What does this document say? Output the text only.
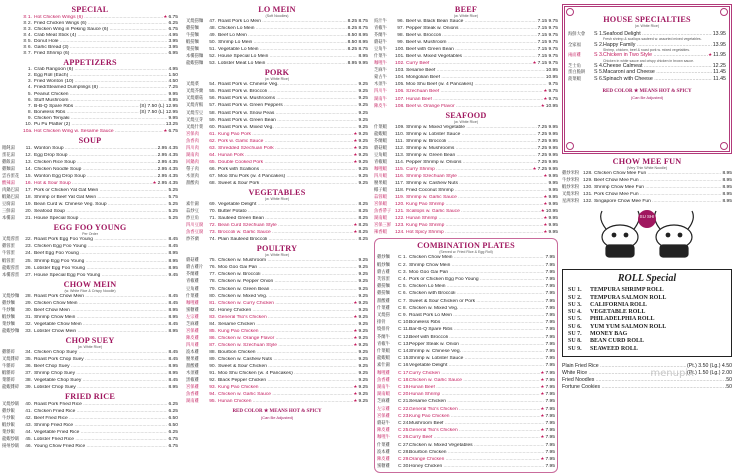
SPECIAL
S 1. Hot Chicken Wings (6) .....	★ 6.75
S 2. Fried Chicken Wings (6) .....	6.25
S 3. Chicken Wing in Peking Sauce (6) .....	6.75
S 4. Crab Meat Stick (4) .....	4.95
S 5. Donut Hole .....	3.95
S 6. Garlic Bread (3) .....	3.95
S 7. Fried Shrimp (6) .....	6.95
APPETIZERS
1. Crab Rangoon (6) .....	4.95
2. Egg Roll (Each) .....	1.50
3. Fried Wonton (10) .....	4.50
4. Fried/Steamed Dumplings (8) .....	7.25
5. Peanut Chicken .....	9.95
6. Stuff Mushroom .....	8.95
7. B-B-Q Spare Ribs .....	(S) 7.50 (L) 12.95
8. Boneless Ribs .....	(S) 7.50 (L) 12.95
9. Chicken Teriyaki .....	9.95
10. Pu Pu Platter (2) .....	13.25
10a. Hot Chicken Wing w. Sesame Sauce .....	★ 6.75
SOUP
餛飩湯	11. Wonton Soup .....	2.95 4.35
蛋花湯	12. Egg Drop Soup .....	2.95 4.35
雞飯湯	13. Chicken Rice Soup .....	2.95 4.35
雞麵湯	14. Chicken Noodle Soup .....	2.95 4.35
雲吞蛋花	15. Wonton Egg Drop Soup .....	2.95 4.35
酸辣湯	16. Hot & Sour Soup .....	★ 2.95 4.35
肉鍋巴湯	17. Pork or Chicken Yat Gat Mein .....	5.25
蝦鍋巴湯	18. Shrimp or Beef Yat Gat Mein .....	5.75
豆腐湯	19. Bean Curd w. Chinese Veg. Soup .....	5.25
三鮮湯	20. Seafood Soup .....	5.25
本樓湯	21. House Special Soup .....	5.25
EGG FOO YOUNG
Per Order
叉燒蓉蛋	22. Roast Pork Egg Foo Young .....	8.45
雞蓉蛋	23. Chicken Egg Foo Young .....	8.45
牛蓉蛋	24. Beef Egg Foo Young .....	8.95
蝦蓉蛋	25. Shrimp Egg Foo Young .....	8.95
龍蝦蓉蛋	26. Lobster Egg Foo Young .....	8.95
本樓蓉蛋	27. House Special Egg Foo Young .....	9.45
CHOW MEIN
(w. White Rice & Crispy Noodle)
叉燒炒麵	28. Roast Pork Chow Mein .....	8.45
雞炒麵	29. Chicken Chow Mein .....	8.45
牛炒麵	30. Beef Chow Mein .....	8.95
蝦炒麵	31. Shrimp Chow Mein .....	8.95
菜炒麵	32. Vegetable Chow Mein .....	8.45
龍蝦炒麵	33. Lobster Chow Mein .....	8.95
CHOP SUEY
(w. White Rice)
雞雜碎	34. Chicken Chop Suey .....	8.45
叉燒雜碎	35. Roast Pork Chop Suey .....	8.45
牛雜碎	36. Beef Chop Suey .....	8.95
蝦雜碎	37. Shrimp Chop Suey .....	8.95
菜雜碎	38. Vegetable Chop Suey .....	8.45
龍蝦雜碎	39. Lobster Chop Suey .....	8.95
FRIED RICE
叉燒炒飯	40. Roast Pork Fried Rice .....	6.25
雞炒飯	41. Chicken Fried Rice .....	6.25
牛炒飯	42. Beef Fried Rice .....	6.50
蝦炒飯	43. Shrimp Fried Rice .....	6.50
菜炒飯	44. Vegetable Fried Rice .....	6.25
龍蝦炒飯	45. Lobster Fried Rice .....	6.75
揚州炒飯	46. Young Chow Fried Rice .....	6.75
LO MEIN
(Soft Noodles)
叉燒撈麵	47. Roast Pork Lo Mein .....	8.25 8.75
雞撈麵	48. Chicken Lo Mein .....	8.25 8.75
牛撈麵	49. Beef Lo Mein .....	8.50 8.95
蝦撈麵	50. Shrimp Lo Mein .....	8.50 8.95
菜撈麵	51. Vegetable Lo Mein .....	8.25 8.75
本樓撈麵	52. House Special Lo Mein .....	8.95
龍蝦撈麵	53. Lobster Meat Lo Mein .....	8.95 9.95
PORK
(w. White Rice)
叉燒菜	54. Roast Pork w. Chinese Veg. .....	9.25
叉燒芥蘭	55. Roast Pork w. Broccoli .....	9.25
叉燒蘑菇	56. Roast Pork w. Mushrooms .....	9.25
叉燒青椒	57. Roast Pork w. Green Peppers .....	9.25
叉燒雪豆	58. Roast Pork w. Snow Peas .....	9.25
叉燒豆芽	59. Roast Pork w. Green Bean .....	9.25
叉燒什菜	60. Roast Pork w. Mixed Veg. .....	9.25
宮保肉	61. Kung Pao Pork .....	★ 9.25
魚香肉	62. Pork w. Garlic Sauce .....	★ 9.25
四川肉	63. Shredded Szechuan Pork .....	★ 9.25
湖南肉	64. Hunan Pork .....	★ 9.25
回鍋肉	65. Double Cooked Pork .....	★ 9.25
帶子肉	66. Pork with Scallions .....	9.25
木須肉	67. Moo Shu Pork (w. 4 Pancakes) .....	9.25
甜酸肉	68. Sweet & Sour Pork .....	9.25
VEGETABLES
(w. White Rice)
素什錦	69. Vegetable Delight .....	8.25
蒜炒豆	70. Butter Potato .....	8.25
炒豆角	71. Sauteed Green Bean .....	8.25
四川豆腐	72. Bean Curd Szechuan Style .....	★ 8.25
魚香豆腐	73. Broccoli w. Garlic Sauce .....	★ 8.25
炒芥蘭	74. Plain Sauteed Broccoli .....	8.25
POULTRY
(w. White Rice)
蘑菇雞	75. Chicken w. Mushroom .....	9.25
蘑古雞片	76. Moo Goo Gai Pan .....	9.25
芥蘭雞	77. Chicken w. Broccoli .....	9.25
青椒雞	78. Chicken w. Pepper Onion .....	9.25
豆角雞	79. Chicken w. Green Bean .....	9.25
什菜雞	80. Chicken w. Mixed Veg. .....	9.25
咖哩雞	81. Chicken w. Curry Chicken .....	★ 9.25
蜜糖雞	82. Honey Chicken .....	9.25
左宗雞	83. General Tso's Chicken .....	★ 9.25
芝麻雞	84. Sesame Chicken .....	9.25
宮保雞	85. Kung Pao Chicken .....	★ 9.25
陳皮雞	86. Chicken w. Orange Flavor .....	★ 9.25
四川雞	87. Chicken w. Szechuan Style .....	★ 9.25
波本雞	88. Bourbon Chicken .....	9.25
腰果雞	89. Chicken w. Cashew Nuts .....	9.25
甜酸雞	90. Sweet & Sour Chicken .....	9.25
木須雞	91. Moo Shu Chicken (w. 4 Pancakes) .....	9.25
黑椒雞	92. Black Pepper Chicken .....	9.25
宮保雞	93. Kung Pao Chicken .....	★ 9.25
魚香雞	94. Chicken w. Garlic Sauce .....	★ 9.25
湖南雞	95. Hunan Chicken .....	★ 9.25
RED COLOR ★ MEANS HOT & SPICY
(Can Be Adjusted)
BEEF
(w. White Rice)
豉汁牛	96. Beef w. Black Bean Sauce .....	7.15 9.75
青椒牛	97. Pepper Steak w. Onions .....	7.15 9.75
芥蘭牛	98. Beef w. Broccoli .....	7.15 9.75
蘑菇牛	99. Beef w. Mushroom .....	7.15 9.75
豆角牛	100. Beef with Green Bean .....	7.15 9.75
什菜牛	101. Beef w. Mixed Vegetables .....	7.15 9.75
咖哩牛	102. Curry Beef .....	★ 7.15 9.75
芝麻牛	103. Sesame Beef .....	10.95
蒙古牛	104. Mongolian Beef .....	10.95
木須牛	105. Moo Shu Beef (w. 4 Pancakes) .....	9.75
四川牛	106. Szechuan Beef .....	★ 9.75
湖南牛	107. Hunan Beef .....	★ 9.75
陳皮牛	108. Beef w. Orange Flavor .....	★ 10.95
SEAFOOD
(w. White Rice)
什菜蝦	109. Shrimp w. Mixed Vegetable .....	7.25 9.95
龍蝦蝦	110. Shrimp w. Lobster Sauce .....	7.25 9.95
芥蘭蝦	111. Shrimp w. Broccoli .....	7.25 9.95
蘑菇蝦	112. Shrimp w. Mushrooms .....	7.25 9.95
豆角蝦	113. Shrimp w. Green Bean .....	7.25 9.95
青椒蝦	114. Pepper Shrimp w. Onions .....	7.25 9.95
咖哩蝦	115. Curry Shrimp .....	★ 7.25 9.95
四川蝦	116. Shrimp Szechuan Style .....	★ 9.95
腰果蝦	117. Shrimp w. Cashew Nuts .....	9.95
椰子蝦	118. Fried Coconut Shrimp .....	9.95
蒜蓉蝦	119. Shrimp w. Garlic Sauce .....	★ 9.95
宮保蝦	120. Kung Pao Shrimp .....	★ 9.95
魚香帶子 121. Scallops w. Garlic Sauce .....	★ 10.95
湖南蝦	122. Hunan Shrimp .....	★ 9.95
宮保三鮮 123. Kung Pao Shrimp .....	★ 9.95
辣香蝦	124. Hot Spicy Shrimp .....	★ 9.95
COMBINATION PLATES
(Served w. Fried Rice & Egg Roll)
雞炒麵	C 1. Chicken Chow Mein .....	7.95
蝦炒麵	C 2. Shrimp Chow Mein .....	7.95
蘑古雞	C 3. Moo Goo Gai Pan .....	7.95
芙蓉蛋	C 4. Pork or Chicken Egg Foo Young .....	7.95
雞撈麵	C 5. Chicken Lo Mein .....	7.95
雞撈麵	C 6. Chicken with Broccoli .....	7.95
甜酸雞	C 7. Sweet & Sour Chicken or Pork .....	7.95
什菜雞	C 8. Chicken w. Mixed Veg. .....	7.95
叉燒撈	C 9. Roast Pork Lo Mein .....	7.95
排骨	C 10. Boneless Ribs .....	7.95
燒排骨	C 11. Bar-B-Q Spare Ribs .....	7.95
芥蘭牛	C 12. Beef with Broccoli .....	7.95
青椒牛	C 13. Pepper Steak w. Onion .....	7.95
什菜蝦	C 14. Shrimp w. Chinese Veg. .....	7.95
龍蝦蝦	C 15. Shrimp w. Lobster Sauce .....	7.95
素什錦	C 16. Vegetable Delight .....	7.95
咖哩雞	C 17. Curry Chicken .....	★ 7.95
魚香雞	C 18. Chicken w. Garlic Sauce .....	★ 7.95
湖南牛	C 19. Hunan Beef .....	★ 7.95
湖南蝦	C 20. Hunan Shrimp .....	★ 7.95
芝麻雞	C 21. Sesame Chicken .....	7.95
左宗雞	C 22. General Tso's Chicken .....	★ 7.95
宮保雞	C 23. Kung Pao Chicken .....	★ 7.95
蘑菇牛	C 24. Mushroom Beef .....	7.95
陳皮雞	C 25. General Tso's Chicken .....	★ 7.95
咖哩牛	C 26. Curry Beef .....	★ 7.95
什菜雞	C 27. Chicken w. Mixed Vegetables .....	7.95
波本雞	C 28. Bourbon Chicken .....	7.95
陳皮雞	C 29. Orange Chicken .....	★ 7.95
蜜糖雞	C 30. Honey Chicken .....	7.95
HOUSE SPECIALTIES
(w. White Rice)
海鮮大會	S 1. Seafood Delight .....	13.95
Fresh shrimp & scallops sauteed w. assorted mixed vegetables.
全家福	S 2. Happy Family .....	13.95
Shrimp, chicken, beef & roast pork w. mixed vegetables.
兩面雞	S 3. Chicken in Two Style .....	★ 11.95
Chicken in white sauce and crispy chicken in brown sauce.
芝士角	S 4. Cheese Calmeat .....	12.25
蛋白脆餅	S 5. Macaroni and Cheese .....	11.45
菠菜蝦	S 6. Spinach with Cheese .....	11.45
RED COLOR ★ MEANS HOT & SPICY
(Can Be Adjusted)
CHOW MEE FUN
(Very Thin White Noodle)
雞炒米粉 128. Chicken Chow Mee Fun .....	8.95
牛炒米粉 129. Beef Chow Mee Fun .....	8.95
蝦炒米粉 130. Shrimp Chow Mee Fun .....	8.95
叉燒米粉 131. Pork Chow Mee Fun .....	8.95
星洲米粉 132. Singapore Chow Mee Fun .....	8.95
SU SHI
ROLL Special
SU 1.	TEMPURA SHRIMP ROLL
SU 2.	TEMPURA SALMON ROLL
SU 3.	CALIFORNIA ROLL
SU 4.	VEGETABLE ROLL
SU 5.	PHILADELPHIA ROLL
SU 6.	YUM YUM SALMON ROLL
SU 7.	MONEY BAG
SU 8.	BEAN CURD ROLL
SU 9.	SEAWEED ROLL
Plain Fried Rice .....	(Pt.) 3.50 (Lg.) 4.50
White Rice .....	(Pt.) 1.50 (Lg.) 2.00
Fried Noodles .....	.50
Fortune Cookies .....	.50
menupix
